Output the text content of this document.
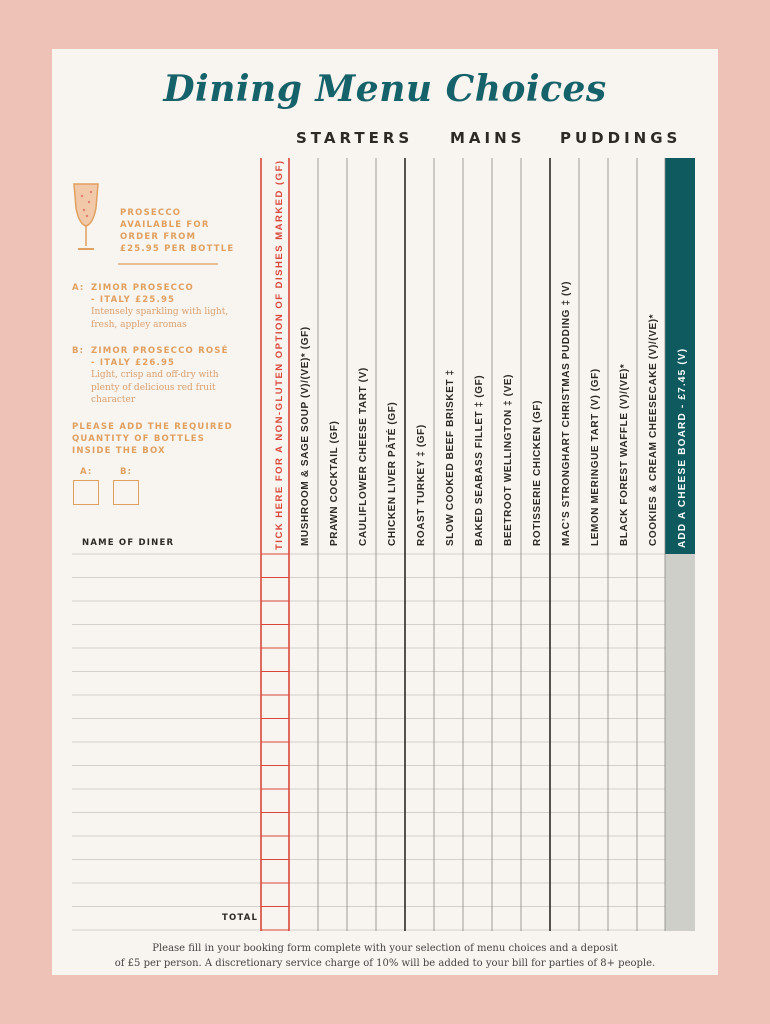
Dining Menu Choices
STARTERS MAINS PUDDINGS
PROSECCO
AVAILABLE FOR
ORDER FROM
£25.95 PER BOTTLE
A: ZIMOR PROSECCO
- ITALY £25.95
Intensely sparkling with light,
fresh, appley aromas
B: ZIMOR PROSECCO ROSÉ
- ITALY £26.95
Light, crisp and off-dry with
plenty of delicious red fruit
character
PLEASE ADD THE REQUIRED
QUANTITY OF BOTTLES
INSIDE THE BOX
A:	B:
NAME OF DINER
TOTAL
TICK HERE FOR A NON-GLUTEN OPTION OF DISHES MARKED (GF) MUSHROOM & SAGE SOUP (V)/(VE)* (GF) PRAWN COCKTAIL (GF) CAULIFLOWER CHEESE TART (V) CHICKEN LIVER PÂTÉ (GF) ROAST TURKEY ‡ (GF) SLOW COOKED BEEF BRISKET ‡ BAKED SEABASS FILLET ‡ (GF) BEETROOT WELLINGTON ‡ (VE) ROTISSERIE CHICKEN (GF) MAC’S STRONGHART CHRISTMAS PUDDING ‡ (V) LEMON MERINGUE TART (V) (GF) BLACK FOREST WAFFLE (V)/(VE)* COOKIES & CREAM CHEESECAKE (V)/(VE)* ADD A CHEESE BOARD - £7.45 (V)
Please fill in your booking form complete with your selection of menu choices and a deposit
of £5 per person. A discretionary service charge of 10% will be added to your bill for parties of 8+ people.
